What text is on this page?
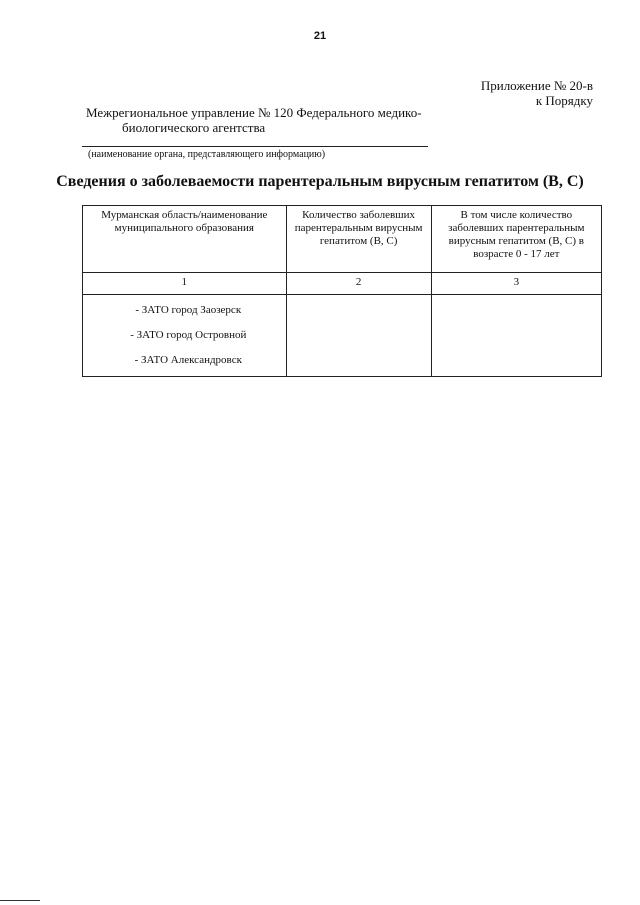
21
Приложение № 20-в
к Порядку
Межрегиональное управление № 120 Федерального медико-
биологического агентства
(наименование органа, представляющего информацию)
Сведения о заболеваемости парентеральным вирусным гепатитом (В, С)
Мурманская область/наименование муниципального образования	Количество заболевших парентеральным вирусным гепатитом (В, С)	В том числе количество заболевших парентеральным вирусным гепатитом (В, С) в возрасте 0 - 17 лет
1	2	3

- ЗАТО город Заозерск
- ЗАТО город Островной
- ЗАТО Александровск		
